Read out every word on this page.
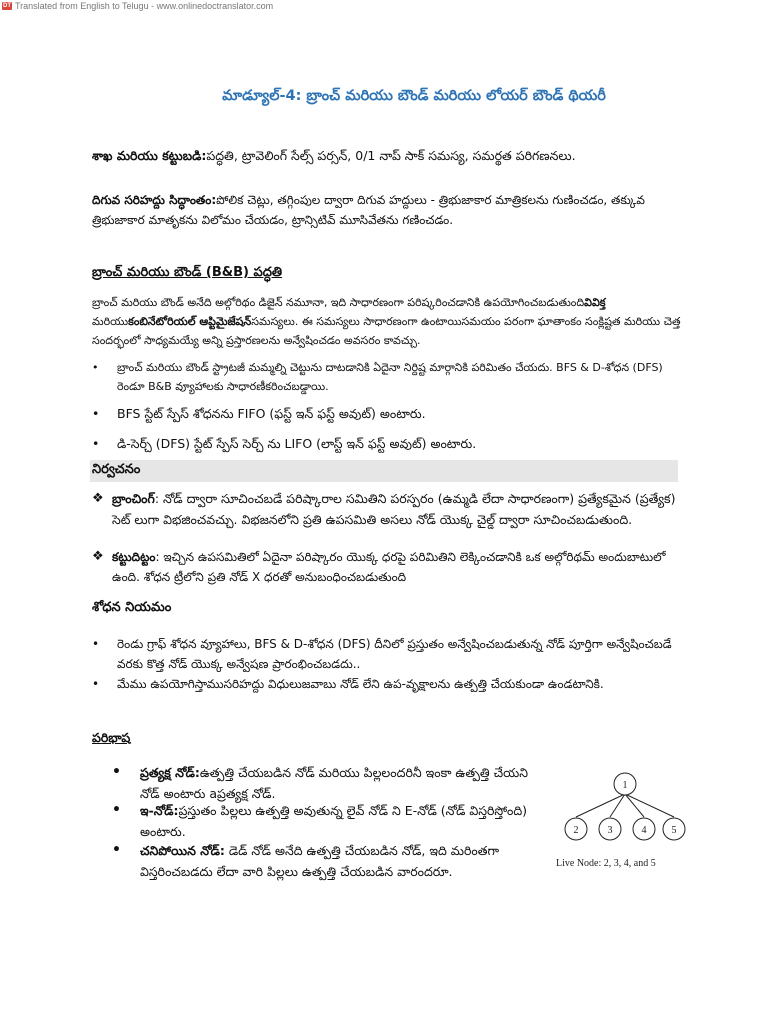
DT Translated from English to Telugu - www.onlinedoctranslator.com
మాడ్యూల్-4: బ్రాంచ్ మరియు బౌండ్ మరియు లోయర్ బౌండ్ థియరీ
శాఖ మరియు కట్టుబడి:పద్ధతి, ట్రావెలింగ్ సేల్స్ పర్సన్, 0/1 నాప్ సాక్ సమస్య, సమర్థత పరిగణనలు.
దిగువ సరిహద్దు సిద్ధాంతం:పోలిక చెట్లు, తగ్గింపుల ద్వారా దిగువ హద్దులు - త్రిభుజాకార మాత్రికలను గుణించడం, తక్కువ త్రిభుజాకార మాతృకను విలోమం చేయడం, ట్రాన్సిటివ్ మూసివేతను గణించడం.
బ్రాంచ్ మరియు బౌండ్ (B&B) పద్ధతి
బ్రాంచ్ మరియు బౌండ్ అనేది అల్గోరిథం డిజైన్ నమూనా, ఇది సాధారణంగా పరిష్కరించడానికి ఉపయోగించబడుతుందివివిక్త మరియుకంబినేటోరియల్ ఆప్టిమైజేషన్సమస్యలు. ఈ సమస్యలు సాధారణంగా ఉంటాయిసమయం పరంగా ఘాతాంకం సంక్లిష్టత మరియు చెత్త సందర్భంలో సాధ్యమయ్యే అన్ని ప్రస్తారణలను అన్వేషించడం అవసరం కావచ్చు.
• బ్రాంచ్ మరియు బౌండ్ స్ట్రాటజీ మమ్మల్ని చెట్టును దాటడానికి ఏదైనా నిర్దిష్ట మార్గానికి పరిమితం చేయదు. BFS & D-శోధన (DFS) రెండూ B&B వ్యూహాలకు సాధారణీకరించబడ్డాయి.
• BFS స్టేట్ స్పేస్ శోధనను FIFO (ఫస్ట్ ఇన్ ఫస్ట్ అవుట్) అంటారు.
• డి-సెర్చ్ (DFS) స్టేట్ స్పేస్ సెర్చ్ ను LIFO (లాస్ట్ ఇన్ ఫస్ట్ అవుట్) అంటారు.
నిర్వచనం
❖ బ్రాంచింగ్: నోడ్ ద్వారా సూచించబడే పరిష్కారాల సమితిని పరస్పరం (ఉమ్మడి లేదా సాధారణంగా) ప్రత్యేకమైన (ప్రత్యేక) సెట్ లుగా విభజించవచ్చు. విభజనలోని ప్రతి ఉపసమితి అసలు నోడ్ యొక్క చైల్డ్ ద్వారా సూచించబడుతుంది.
❖ కట్టుదిట్టం: ఇచ్చిన ఉపసమితిలో ఏదైనా పరిష్కారం యొక్క ధరపై పరిమితిని లెక్కించడానికి ఒక అల్గోరిథమ్ అందుబాటులో ఉంది. శోధన ట్రీలోని ప్రతి నోడ్ X ధరతో అనుబంధించబడుతుంది
శోధన నియమం
• రెండు గ్రాఫ్ శోధన వ్యూహాలు, BFS & D-శోధన (DFS) దీనిలో ప్రస్తుతం అన్వేషించబడుతున్న నోడ్ పూర్తిగా అన్వేషించబడే వరకు కొత్త నోడ్ యొక్క అన్వేషణ ప్రారంభించబడదు..
• మేము ఉపయోగిస్తాముసరిహద్దు విధులుజవాబు నోడ్ లేని ఉప-వృక్షాలను ఉత్పత్తి చేయకుండా ఉండటానికి.
పరిభాష
• ప్రత్యక్ష నోడ్:ఉత్పత్తి చేయబడిన నోడ్ మరియు పిల్లలందరినీ ఇంకా ఉత్పత్తి చేయని నోడ్ అంటారు aప్రత్యక్ష నోడ్.
• ఇ-నోడ్:ప్రస్తుతం పిల్లలు ఉత్పత్తి అవుతున్న లైవ్ నోడ్ ని E-నోడ్ (నోడ్ విస్తరిస్తోంది) అంటారు.
• చనిపోయిన నోడ్: డెడ్ నోడ్ అనేది ఉత్పత్తి చేయబడిన నోడ్, ఇది మరింతగా విస్తరించబడదు లేదా వారి పిల్లలు ఉత్పత్తి చేయబడిన వారందరూ.
1
2	3	4	5
Live Node: 2, 3, 4, and 5
